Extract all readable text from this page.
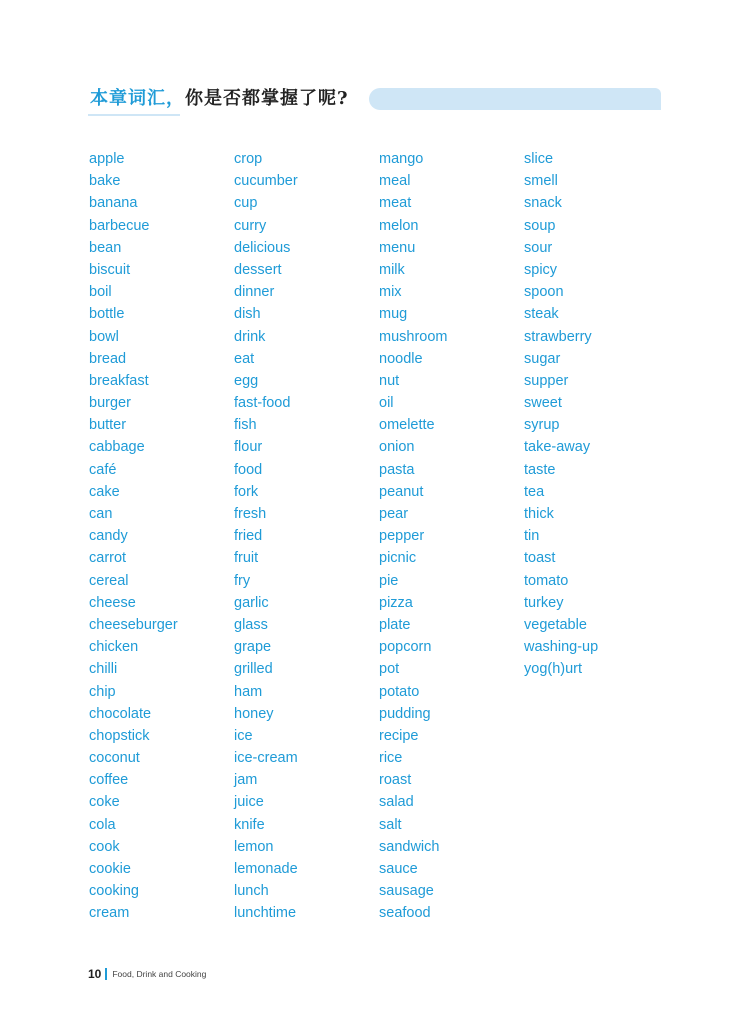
本章词汇，你是否都掌握了呢?
apple
bake
banana
barbecue
bean
biscuit
boil
bottle
bowl
bread
breakfast
burger
butter
cabbage
café
cake
can
candy
carrot
cereal
cheese
cheeseburger
chicken
chilli
chip
chocolate
chopstick
coconut
coffee
coke
cola
cook
cookie
cooking
cream
crop
cucumber
cup
curry
delicious
dessert
dinner
dish
drink
eat
egg
fast-food
fish
flour
food
fork
fresh
fried
fruit
fry
garlic
glass
grape
grilled
ham
honey
ice
ice-cream
jam
juice
knife
lemon
lemonade
lunch
lunchtime
mango
meal
meat
melon
menu
milk
mix
mug
mushroom
noodle
nut
oil
omelette
onion
pasta
peanut
pear
pepper
picnic
pie
pizza
plate
popcorn
pot
potato
pudding
recipe
rice
roast
salad
salt
sandwich
sauce
sausage
seafood
slice
smell
snack
soup
sour
spicy
spoon
steak
strawberry
sugar
supper
sweet
syrup
take-away
taste
tea
thick
tin
toast
tomato
turkey
vegetable
washing-up
yog(h)urt
10 Food, Drink and Cooking
